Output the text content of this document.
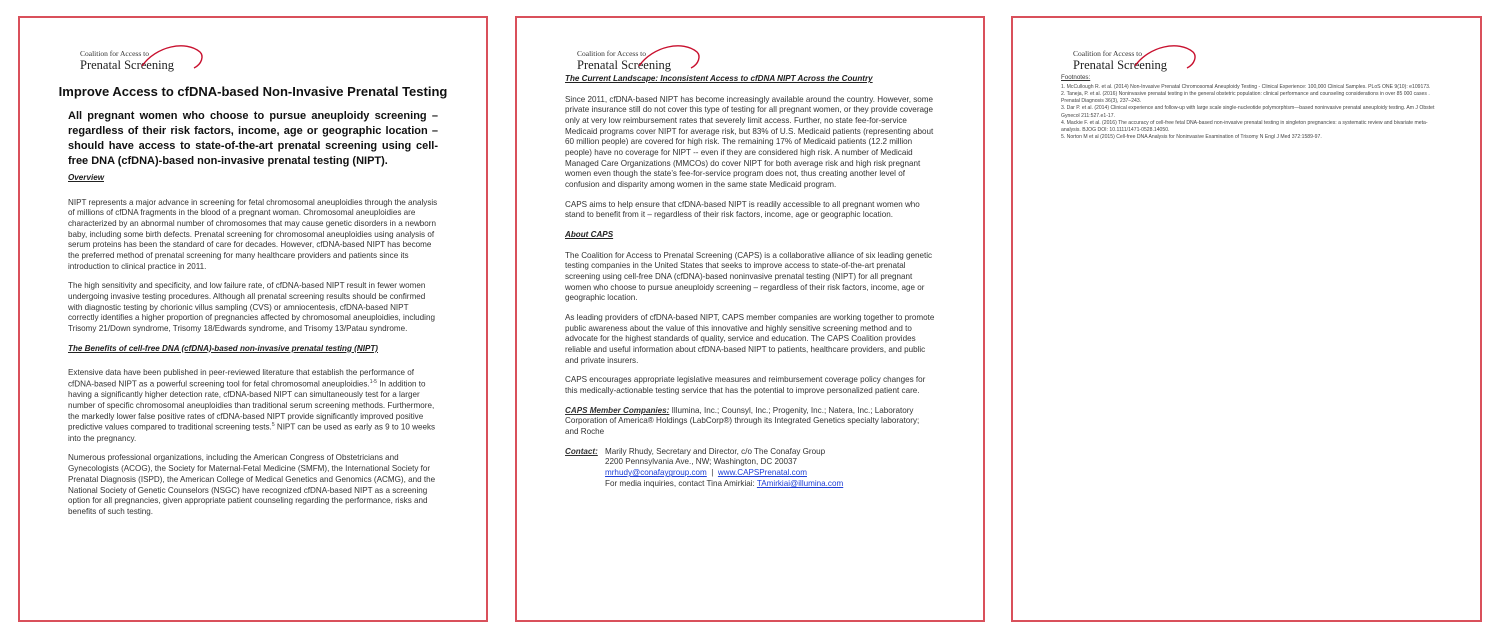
Coalition for Access to
Prenatal Screening
Improve Access to cfDNA-based Non-Invasive Prenatal Testing
All pregnant women who choose to pursue aneuploidy screening – regardless of their risk factors, income, age or geographic location – should have access to state-of-the-art prenatal screening using cell-free DNA (cfDNA)-based non-invasive prenatal testing (NIPT).
Overview
NIPT represents a major advance in screening for fetal chromosomal aneuploidies through the analysis of millions of cfDNA fragments in the blood of a pregnant woman. Chromosomal aneuploidies are characterized by an abnormal number of chromosomes that may cause genetic disorders in a newborn baby, including some birth defects. Prenatal screening for chromosomal aneuploidies using analysis of serum proteins has been the standard of care for decades. However, cfDNA-based NIPT has become the preferred method of prenatal screening for many healthcare providers and patients since its introduction to clinical practice in 2011.
The high sensitivity and specificity, and low failure rate, of cfDNA-based NIPT result in fewer women undergoing invasive testing procedures. Although all prenatal screening results should be confirmed with diagnostic testing by chorionic villus sampling (CVS) or amniocentesis, cfDNA-based NIPT correctly identifies a higher proportion of pregnancies affected by chromosomal aneuploidies, including Trisomy 21/Down syndrome, Trisomy 18/Edwards syndrome, and Trisomy 13/Patau syndrome.
The Benefits of cell-free DNA (cfDNA)-based non-invasive prenatal testing (NIPT)
Extensive data have been published in peer-reviewed literature that establish the performance of cfDNA-based NIPT as a powerful screening tool for fetal chromosomal aneuploidies.$^{1-5}$ In addition to having a significantly higher detection rate, cfDNA-based NIPT can simultaneously test for a larger number of specific chromosomal aneuploidies than traditional serum screening methods. Furthermore, the markedly lower false positive rates of cfDNA-based NIPT provide significantly improved positive predictive values compared to traditional screening tests.$^5$ NIPT can be used as early as 9 to 10 weeks into the pregnancy.
Numerous professional organizations, including the American Congress of Obstetricians and Gynecologists (ACOG), the Society for Maternal-Fetal Medicine (SMFM), the International Society for Prenatal Diagnosis (ISPD), the American College of Medical Genetics and Genomics (ACMG), and the National Society of Genetic Counselors (NSGC) have recognized cfDNA-based NIPT as a screening option for all pregnancies, given appropriate patient counseling regarding the performance, risks and benefits of such testing.
Coalition for Access to
Prenatal Screening
The Current Landscape: Inconsistent Access to cfDNA NIPT Across the Country
Since 2011, cfDNA-based NIPT has become increasingly available around the country. However, some private insurance still do not cover this type of testing for all pregnant women, or they provide coverage only at very low reimbursement rates that severely limit access. Further, no state fee-for-service Medicaid programs cover NIPT for average risk, but 83% of U.S. Medicaid patients (representing about 60 million people) are covered for high risk. The remaining 17% of Medicaid patients (12.2 million people) have no coverage for NIPT -- even if they are considered high risk. A number of Medicaid Managed Care Organizations (MMCOs) do cover NIPT for both average risk and high risk pregnant women even though the state’s fee-for-service program does not, thus creating another level of confusion and disparity among women in the same state Medicaid program.
CAPS aims to help ensure that cfDNA-based NIPT is readily accessible to all pregnant women who stand to benefit from it – regardless of their risk factors, income, age or geographic location.
About CAPS
The Coalition for Access to Prenatal Screening (CAPS) is a collaborative alliance of six leading genetic testing companies in the United States that seeks to improve access to state-of-the-art prenatal screening using cell-free DNA (cfDNA)-based noninvasive prenatal testing (NIPT) for all pregnant women who choose to pursue aneuploidy screening – regardless of their risk factors, income, age or geographic location.
As leading providers of cfDNA-based NIPT, CAPS member companies are working together to promote public awareness about the value of this innovative and highly sensitive screening method and to advocate for the highest standards of quality, service and education. The CAPS Coalition provides reliable and useful information about cfDNA-based NIPT to patients, healthcare providers, and public and private insurers.
CAPS encourages appropriate legislative measures and reimbursement coverage policy changes for this medically-actionable testing service that has the potential to improve personalized patient care.
CAPS Member Companies: Illumina, Inc.; Counsyl, Inc.; Progenity, Inc.; Natera, Inc.; Laboratory Corporation of America® Holdings (LabCorp®) through its Integrated Genetics specialty laboratory; and Roche
Contact: Marily Rhudy, Secretary and Director, c/o The Conafay Group
2200 Pennsylvania Ave., NW; Washington, DC 20037
mrhudy@conafaygroup.com  |  www.CAPSPrenatal.com
For media inquiries, contact Tina Amirkiai: TAmirkiai@illumina.com
Coalition for Access to
Prenatal Screening
Footnotes:
1. McCullough R. et al. (2014) Non-Invasive Prenatal Chromosomal Aneuploidy Testing - Clinical Experience: 100,000 Clinical Samples. PLoS ONE 9(10): e109173.
2. Taneja, P. et al. (2016) Noninvasive prenatal testing in the general obstetric population: clinical performance and counseling considerations in over 85 000 cases . Prenatal Diagnosis 36(3), 237–243.
3. Dar P. et al. (2014) Clinical experience and follow-up with large scale single-nucleotide polymorphism—based noninvasive prenatal aneuploidy testing. Am J Obstet Gynecol 211:527.e1-17.
4. Mackie F. et al. (2016) The accuracy of cell-free fetal DNA-based non-invasive prenatal testing in singleton pregnancies: a systematic review and bivariate meta-analysis. BJOG DOI: 10.1111/1471-0528.14050.
5. Norton M et al (2015) Cell-free DNA Analysis for Noninvasive Examination of Trisomy N Engl J Med 372:1589-97.
